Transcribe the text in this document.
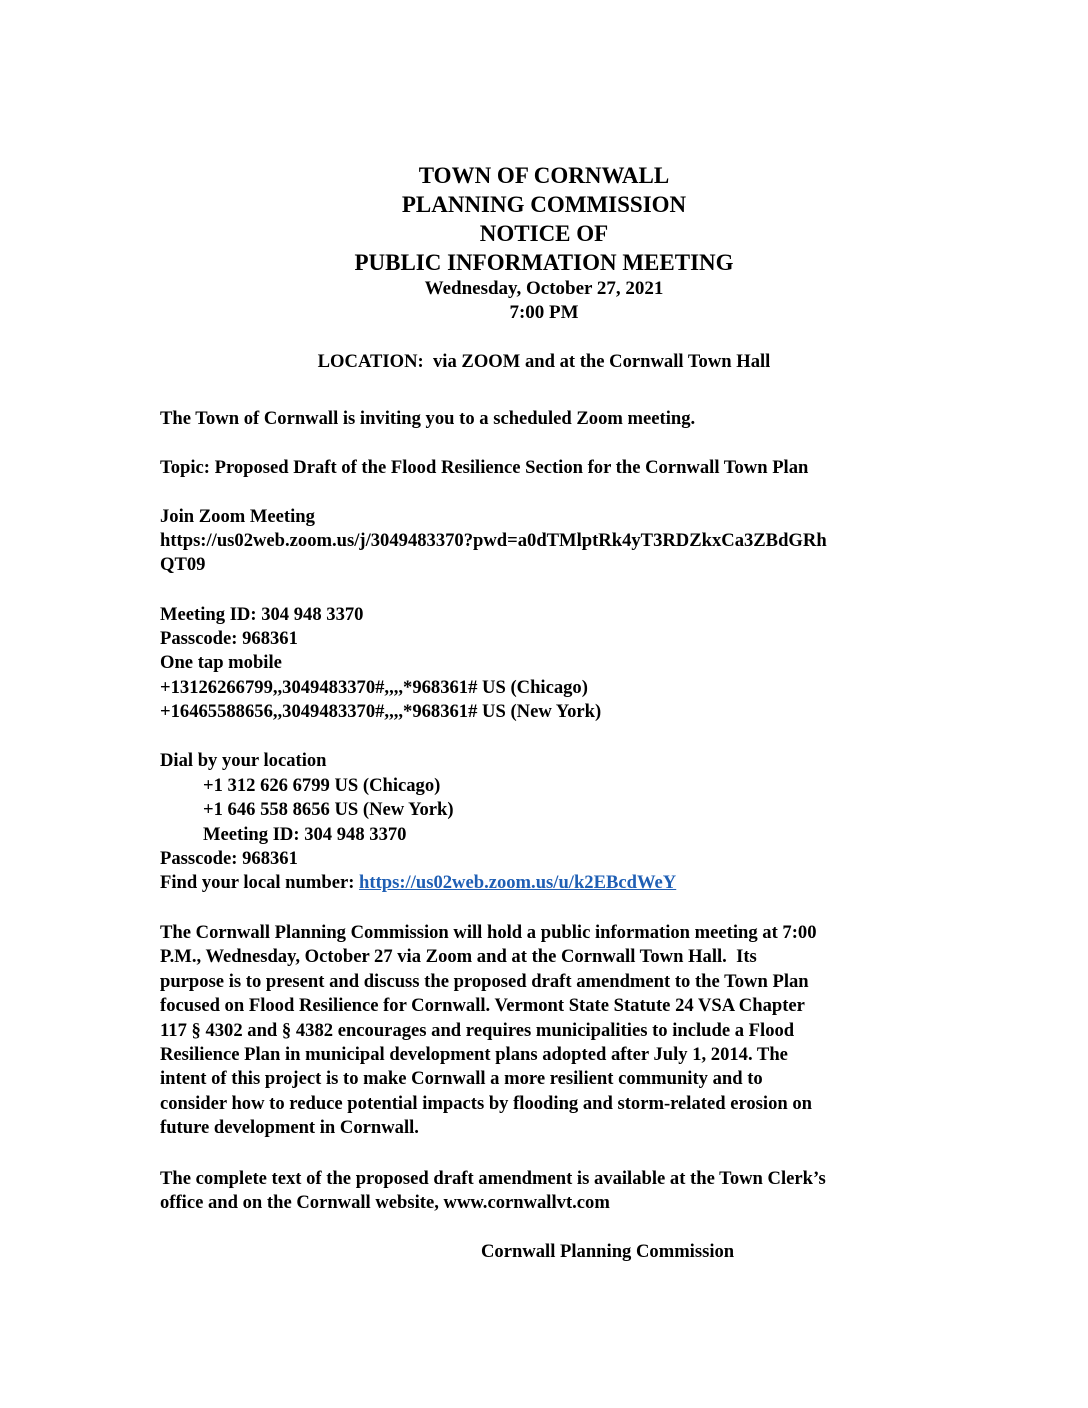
TOWN OF CORNWALL
PLANNING COMMISSION
NOTICE OF
PUBLIC INFORMATION MEETING
Wednesday, October 27, 2021
7:00 PM
LOCATION:  via ZOOM and at the Cornwall Town Hall
The Town of Cornwall is inviting you to a scheduled Zoom meeting.
Topic: Proposed Draft of the Flood Resilience Section for the Cornwall Town Plan
Join Zoom Meeting
https://us02web.zoom.us/j/3049483370?pwd=a0dTMlptRk4yT3RDZkxCa3ZBdGRh
QT09
Meeting ID: 304 948 3370
Passcode: 968361
One tap mobile
+13126266799,,3049483370#,,,,*968361# US (Chicago)
+16465588656,,3049483370#,,,,*968361# US (New York)
Dial by your location
+1 312 626 6799 US (Chicago)
+1 646 558 8656 US (New York)
Meeting ID: 304 948 3370
Passcode: 968361
Find your local number: https://us02web.zoom.us/u/k2EBcdWeY
The Cornwall Planning Commission will hold a public information meeting at 7:00
P.M., Wednesday, October 27 via Zoom and at the Cornwall Town Hall.  Its
purpose is to present and discuss the proposed draft amendment to the Town Plan
focused on Flood Resilience for Cornwall. Vermont State Statute 24 VSA Chapter
117 § 4302 and § 4382 encourages and requires municipalities to include a Flood
Resilience Plan in municipal development plans adopted after July 1, 2014. The
intent of this project is to make Cornwall a more resilient community and to
consider how to reduce potential impacts by flooding and storm-related erosion on
future development in Cornwall.
The complete text of the proposed draft amendment is available at the Town Clerk’s
office and on the Cornwall website, www.cornwallvt.com
Cornwall Planning Commission
